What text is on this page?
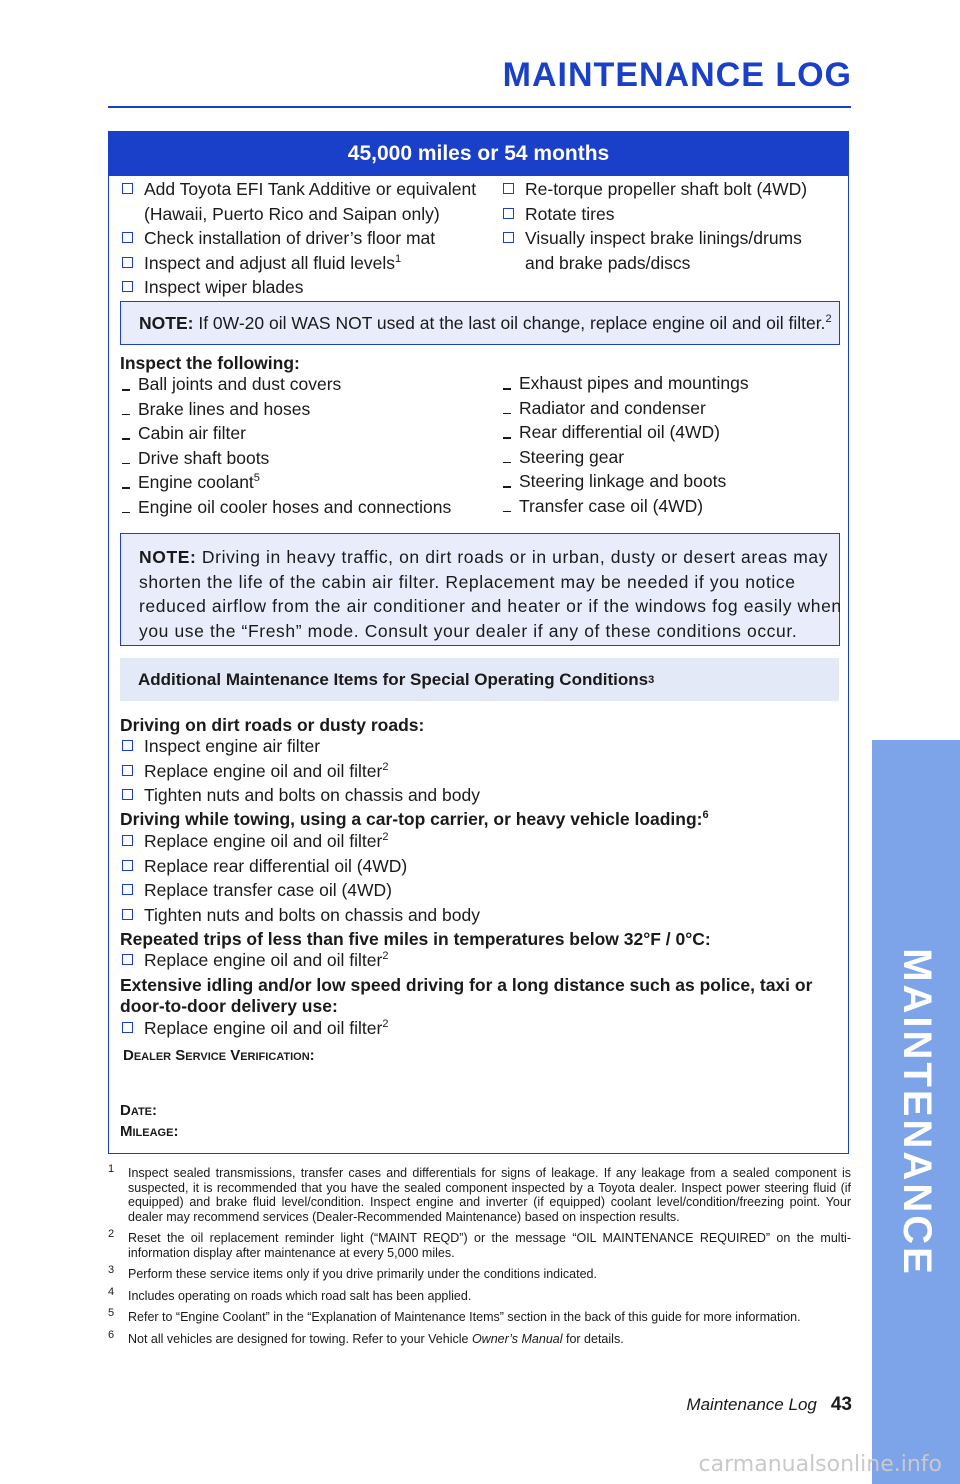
MAINTENANCE LOG
MAINTENANCE
45,000 miles or 54 months
Add Toyota EFI Tank Additive or equivalent
(Hawaii, Puerto Rico and Saipan only)
Check installation of driver’s floor mat
Inspect and adjust all fluid levels$^1$
Inspect wiper blades
Re-torque propeller shaft bolt (4WD)
Rotate tires
Visually inspect brake linings/drums
and brake pads/discs
NOTE: If 0W-20 oil WAS NOT used at the last oil change, replace engine oil and oil filter.$^2$
Inspect the following:
Ball joints and dust covers
Brake lines and hoses
Cabin air filter
Drive shaft boots
Engine coolant$^5$
Engine oil cooler hoses and connections
Exhaust pipes and mountings
Radiator and condenser
Rear differential oil (4WD)
Steering gear
Steering linkage and boots
Transfer case oil (4WD)
NOTE: Driving in heavy traffic, on dirt roads or in urban, dusty or desert areas may
shorten the life of the cabin air filter. Replacement may be needed if you notice
reduced airflow from the air conditioner and heater or if the windows fog easily when
you use the “Fresh” mode. Consult your dealer if any of these conditions occur.
Additional Maintenance Items for Special Operating Conditions 3
Driving on dirt roads or dusty roads:
Inspect engine air filter
Replace engine oil and oil filter$^2$
Tighten nuts and bolts on chassis and body
Driving while towing, using a car-top carrier, or heavy vehicle loading:$^6$
Replace engine oil and oil filter$^2$
Replace rear differential oil (4WD)
Replace transfer case oil (4WD)
Tighten nuts and bolts on chassis and body
Repeated trips of less than five miles in temperatures below 32°F / 0°C:
Replace engine oil and oil filter$^2$
Extensive idling and/or low speed driving for a long distance such as police, taxi or
door-to-door delivery use:
Replace engine oil and oil filter$^2$
Dealer Service Verification:
Date:
Mileage:
1 Inspect sealed transmissions, transfer cases and differentials for signs of leakage. If any leakage from a sealed component is suspected, it is recommended that you have the sealed component inspected by a Toyota dealer. Inspect power steering fluid (if equipped) and brake fluid level/condition. Inspect engine and inverter (if equipped) coolant level/condition/freezing point. Your dealer may recommend services (Dealer-Recommended Maintenance) based on inspection results.
2 Reset the oil replacement reminder light (“MAINT REQD”) or the message “OIL MAINTENANCE REQUIRED” on the multi-information display after maintenance at every 5,000 miles.
3 Perform these service items only if you drive primarily under the conditions indicated.
4 Includes operating on roads which road salt has been applied.
5 Refer to “Engine Coolant” in the “Explanation of Maintenance Items” section in the back of this guide for more information.
6 Not all vehicles are designed for towing. Refer to your Vehicle Owner’s Manual for details.
Maintenance Log 43
carmanualsonline.info
